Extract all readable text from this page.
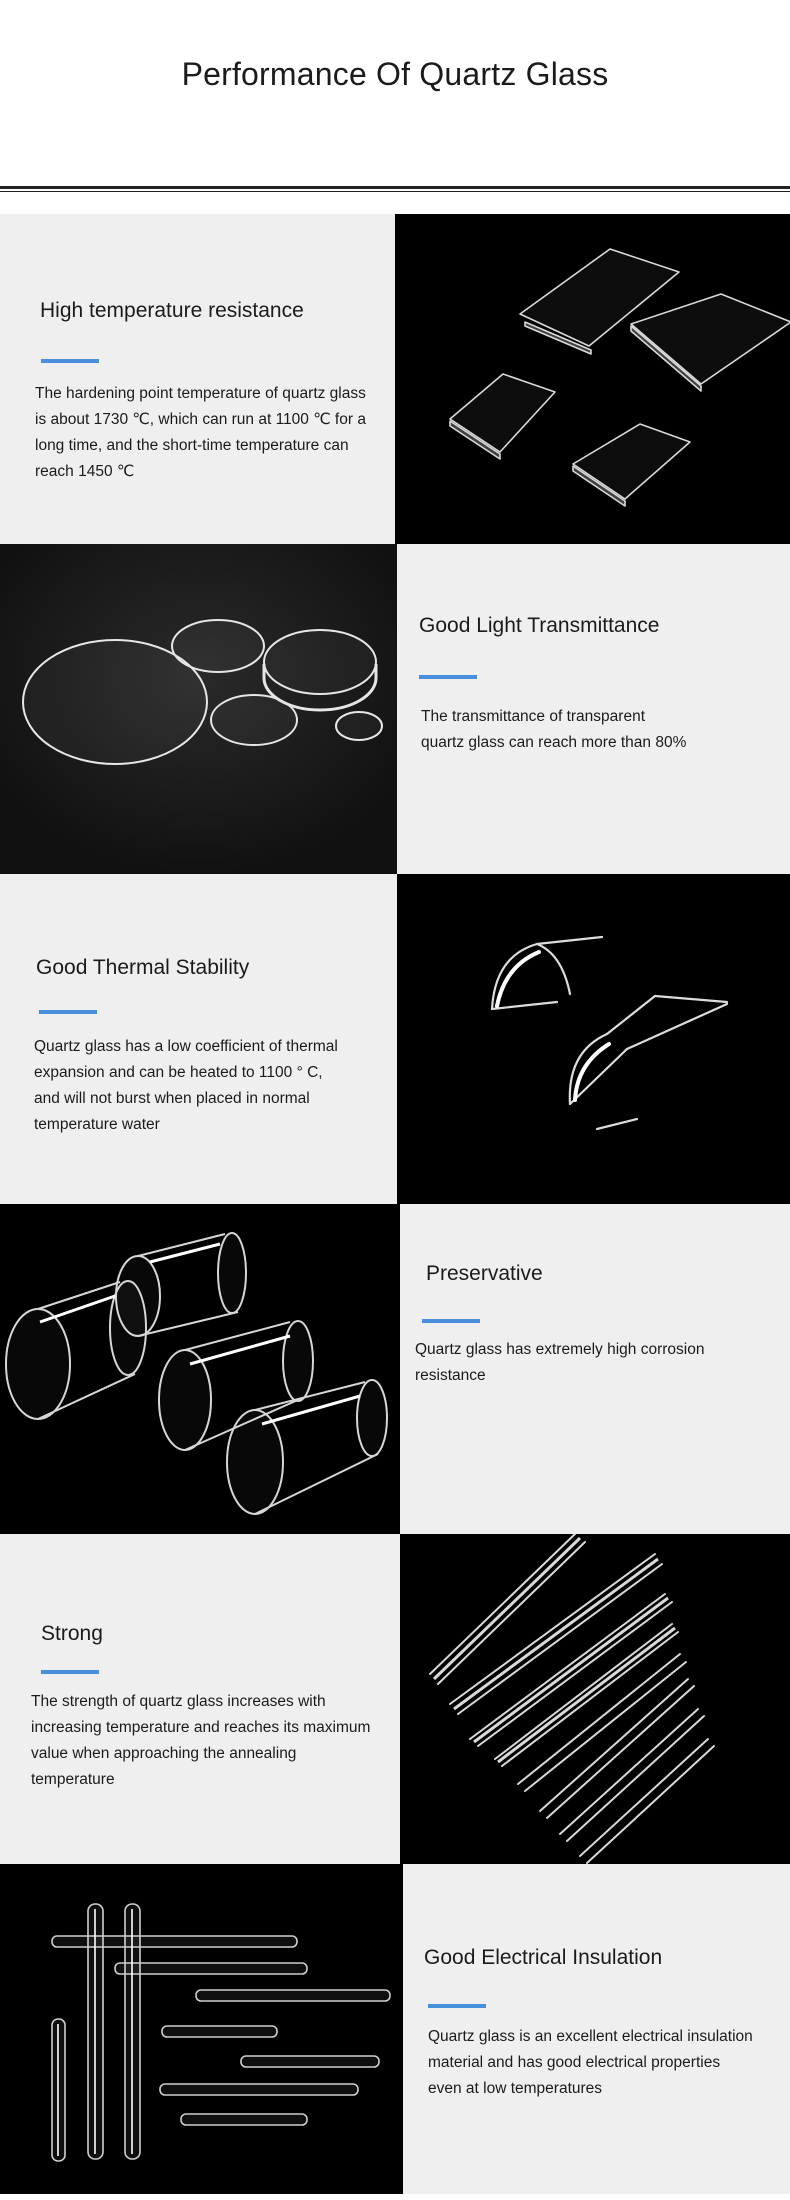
Performance Of Quartz Glass
High temperature resistance

The hardening point temperature of quartz glass
is about 1730 ℃, which can run at 1100 ℃ for a
long time, and the short-time temperature can
reach 1450 ℃

Good Light Transmittance

The transmittance of transparent
quartz glass can reach more than 80%

Good Thermal Stability

Quartz glass has a low coefficient of thermal
expansion and can be heated to 1100 ° C,
and will not burst when placed in normal
temperature water

Preservative

Quartz glass has extremely high corrosion
resistance

Strong

The strength of quartz glass increases with
increasing temperature and reaches its maximum
value when approaching the annealing
temperature

Good Electrical Insulation

Quartz glass is an excellent electrical insulation
material and has good electrical properties
even at low temperatures
